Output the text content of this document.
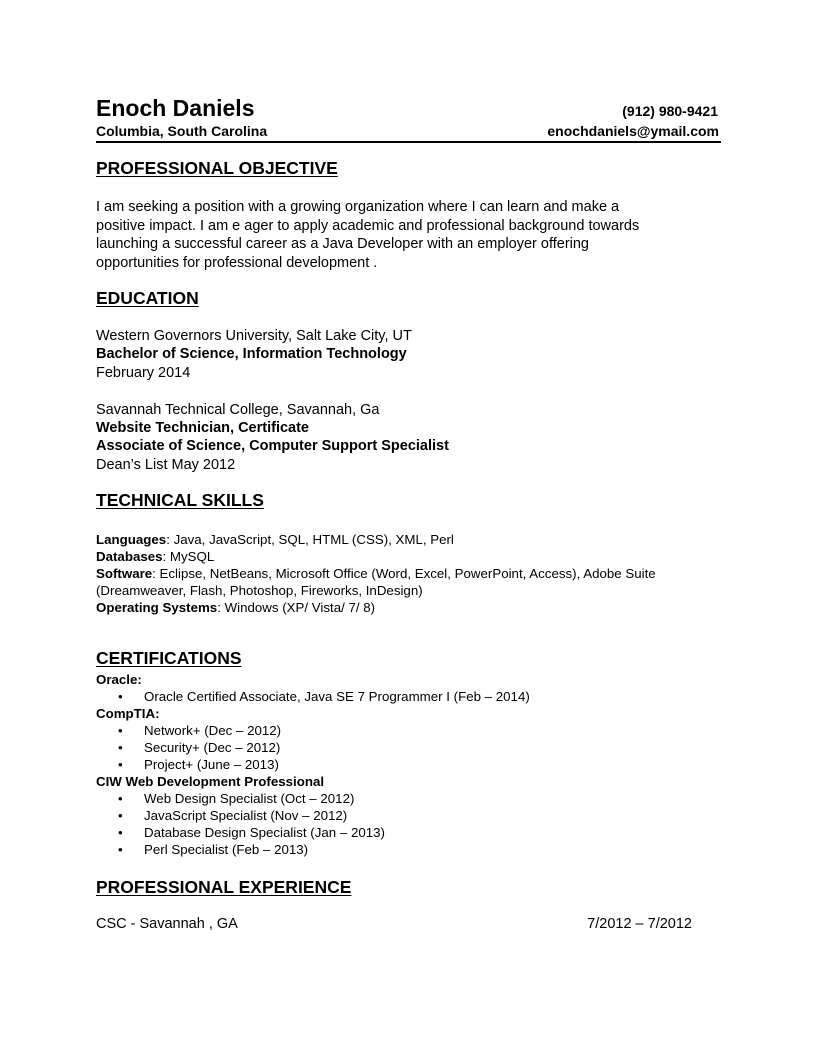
Enoch Daniels	(912) 980-9421
Columbia, South Carolina	enochdaniels@ymail.com
PROFESSIONAL OBJECTIVE
I am seeking a position with a growing organization where I can learn and make a
positive impact. I am e ager to apply academic and professional background towards
launching a successful career as a Java Developer with an employer offering
opportunities for professional development .
EDUCATION
Western Governors University, Salt Lake City, UT
Bachelor of Science, Information Technology
February 2014
Savannah Technical College, Savannah, Ga
Website Technician, Certificate
Associate of Science, Computer Support Specialist
Dean’s List May 2012
TECHNICAL SKILLS
Languages: Java, JavaScript, SQL, HTML (CSS), XML, Perl
Databases: MySQL
Software: Eclipse, NetBeans, Microsoft Office (Word, Excel, PowerPoint, Access), Adobe Suite (Dreamweaver, Flash, Photoshop, Fireworks, InDesign)
Operating Systems: Windows (XP/ Vista/ 7/ 8)
CERTIFICATIONS
Oracle:
• Oracle Certified Associate, Java SE 7 Programmer I (Feb – 2014)
CompTIA:
• Network+ (Dec – 2012)
• Security+ (Dec – 2012)
• Project+ (June – 2013)
CIW Web Development Professional
• Web Design Specialist (Oct – 2012)
• JavaScript Specialist (Nov – 2012)
• Database Design Specialist (Jan – 2013)
• Perl Specialist (Feb – 2013)
PROFESSIONAL EXPERIENCE
CSC - Savannah , GA	7/2012 – 7/2012
